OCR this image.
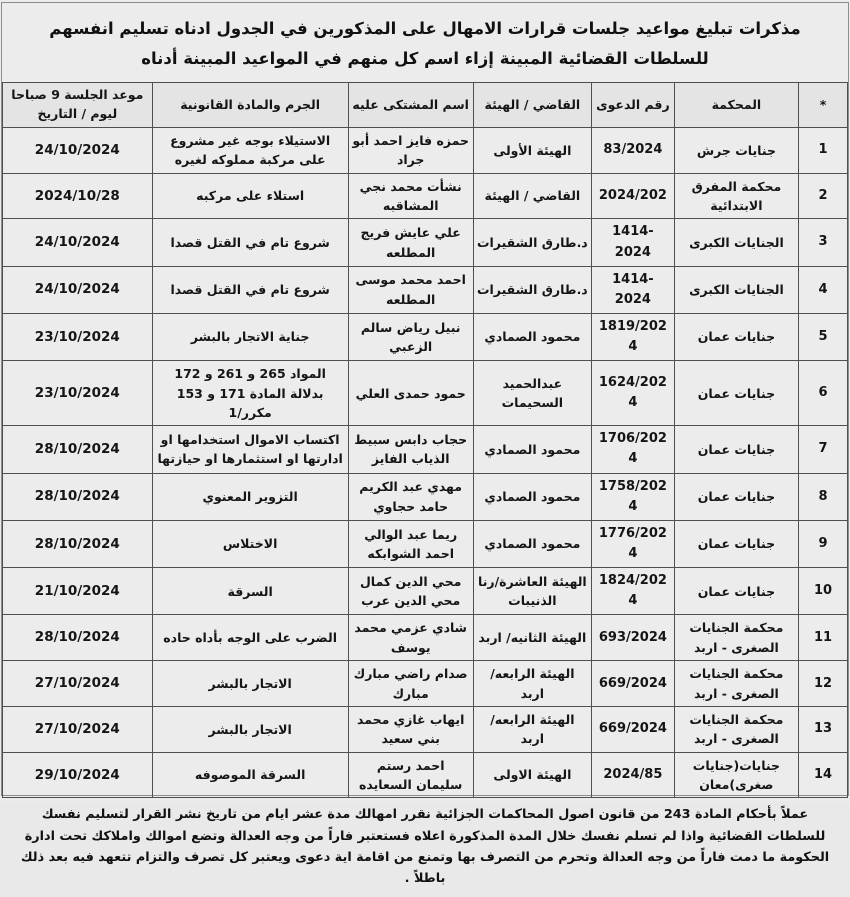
مذكرات تبليغ مواعيد جلسات قرارات الامهال على المذكورين في الجدول ادناه تسليم انفسهم للسلطات القضائية المبينة إزاء اسم كل منهم في المواعيد المبينة أدناه
*	المحكمة	رقم الدعوى	القاضي / الهيئة	اسم المشتكى عليه	الجرم والمادة القانونية	موعد الجلسة 9 صباحا ليوم / التاريخ
1	جنايات جرش	83/2024	الهيئة الأولى	حمزه فايز احمد أبو جراد	الاستيلاء بوجه غير مشروع على مركبة مملوكه لغيره	24/10/2024
2	محكمة المفرق الابتدائية	2024/202	القاضي / الهيئة	نشأت محمد نجي المشاقبه	استلاء على مركبه	2024/10/28
3	الجنايات الكبرى	1414-2024	د.طارق الشقيرات	علي عايش فريج المطلعه	شروع تام في القتل قصدا	24/10/2024
4	الجنايات الكبرى	1414-2024	د.طارق الشقيرات	احمد محمد موسى المطلعه	شروع تام في القتل قصدا	24/10/2024
5	جنايات عمان	1819/2024	محمود الصمادي	نبيل رياض سالم الزعبي	جناية الاتجار بالبشر	23/10/2024
6	جنايات عمان	1624/2024	عبدالحميد السحيمات	حمود حمدى العلي	المواد 265 و 261 و 172 بدلالة المادة 171 و 153 مكرر/1	23/10/2024
7	جنايات عمان	1706/2024	محمود الصمادي	حجاب دابس سبيط الذياب الفايز	اكتساب الاموال استخدامها او ادارتها او استثمارها او حيازتها	28/10/2024
8	جنايات عمان	1758/2024	محمود الصمادي	مهدي عبد الكريم حامد حجاوي	التزوير المعنوي	28/10/2024
9	جنايات عمان	1776/2024	محمود الصمادي	ريما عبد الوالي احمد الشوابكه	الاختلاس	28/10/2024
10	جنايات عمان	1824/2024	الهيئة العاشرة/رنا الذنيبات	محي الدين كمال محي الدين عرب	السرقة	21/10/2024
11	محكمة الجنايات الصغرى - اربد	693/2024	الهيئة الثانيه/ اربد	شادي عزمي محمد يوسف	الضرب على الوجه بأداه حاده	28/10/2024
12	محكمة الجنايات الصغرى - اربد	669/2024	الهيئة الرابعه/ اربد	صدام راضي مبارك مبارك	الاتجار بالبشر	27/10/2024
13	محكمة الجنايات الصغرى - اربد	669/2024	الهيئة الرابعه/ اربد	ايهاب غازي محمد بني سعيد	الاتجار بالبشر	27/10/2024
14	جنايات(جنايات صغرى)معان	2024/85	الهيئة الاولى	احمد رستم سليمان السعايده	السرقة الموصوفه	29/10/2024
عملاً بأحكام المادة 243 من قانون اصول المحاكمات الجزائية نقرر امهالك مدة عشر ايام من تاريخ نشر القرار لتسليم نفسك للسلطات القضائية واذا لم تسلم نفسك خلال المدة المذكورة اعلاه فستعتبر فاراً من وجه العدالة وتضع اموالك واملاكك تحت ادارة الحكومة ما دمت فاراً من وجه العدالة وتحرم من التصرف بها وتمنع من اقامة اية دعوى ويعتبر كل تصرف والتزام تتعهد فيه بعد ذلك باطلاً .
